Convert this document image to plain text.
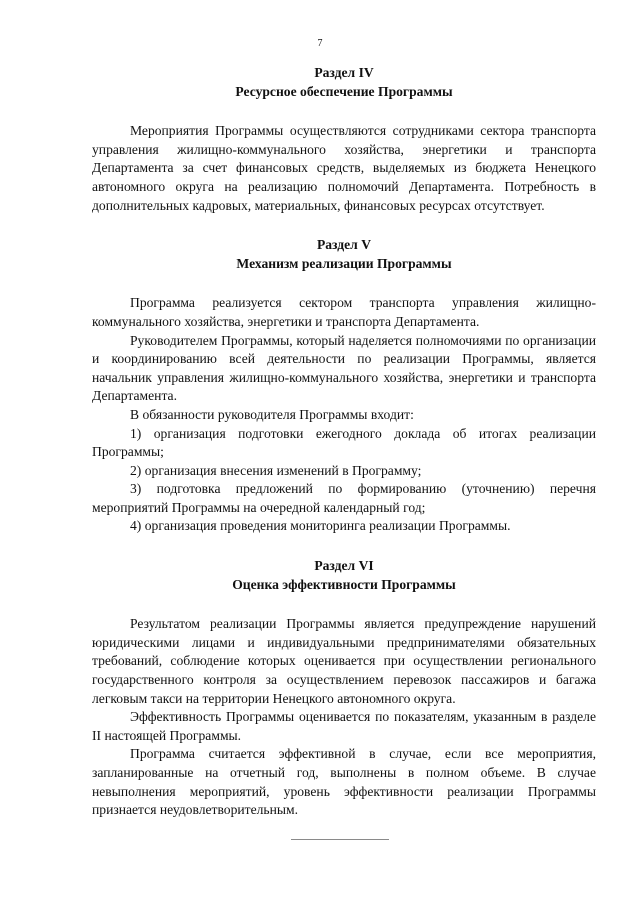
7
Раздел IV
Ресурсное обеспечение Программы

Мероприятия Программы осуществляются сотрудниками сектора транспорта управления жилищно-коммунального хозяйства, энергетики и транспорта Департамента за счет финансовых средств, выделяемых из бюджета Ненецкого автономного округа на реализацию полномочий Департамента. Потребность в дополнительных кадровых, материальных, финансовых ресурсах отсутствует.

Раздел V
Механизм реализации Программы

Программа реализуется сектором транспорта управления жилищно-коммунального хозяйства, энергетики и транспорта Департамента.

Руководителем Программы, который наделяется полномочиями по организации и координированию всей деятельности по реализации Программы, является начальник управления жилищно-коммунального хозяйства, энергетики и транспорта Департамента.

В обязанности руководителя Программы входит:

1) организация подготовки ежегодного доклада об итогах реализации Программы;

2) организация внесения изменений в Программу;

3) подготовка предложений по формированию (уточнению) перечня мероприятий Программы на очередной календарный год;

4) организация проведения мониторинга реализации Программы.

Раздел VI
Оценка эффективности Программы

Результатом реализации Программы является предупреждение нарушений юридическими лицами и индивидуальными предпринимателями обязательных требований, соблюдение которых оценивается при осуществлении регионального государственного контроля за осуществлением перевозок пассажиров и багажа легковым такси на территории Ненецкого автономного округа.

Эффективность Программы оценивается по показателям, указанным в разделе II настоящей Программы.

Программа считается эффективной в случае, если все мероприятия, запланированные на отчетный год, выполнены в полном объеме. В случае невыполнения мероприятий, уровень эффективности реализации Программы признается неудовлетворительным.
